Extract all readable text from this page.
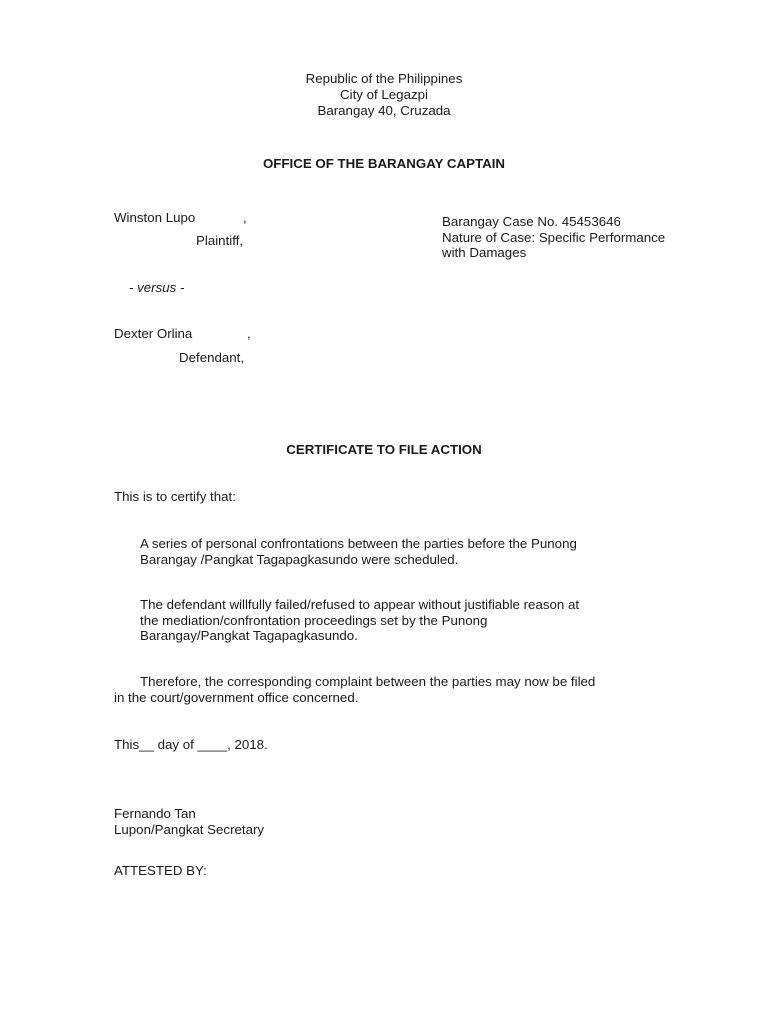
Republic of the Philippines

City of Legazpi

Barangay 40, Cruzada

OFFICE OF THE BARANGAY CAPTAIN

Winston Lupo	,

Plaintiff,

- versus -

Dexter Orlina	,

Defendant,

Barangay Case No. 45453646

Nature of Case: Specific Performance

with Damages

CERTIFICATE TO FILE ACTION

This is to certify that:

A series of personal confrontations between the parties before the Punong

Barangay /Pangkat Tagapagkasundo were scheduled.

The defendant willfully failed/refused to appear without justifiable reason at

the mediation/confrontation proceedings set by the Punong

Barangay/Pangkat Tagapagkasundo.

Therefore, the corresponding complaint between the parties may now be filed

in the court/government office concerned.

This__ day of ____, 2018.

Fernando Tan

Lupon/Pangkat Secretary

ATTESTED BY:
